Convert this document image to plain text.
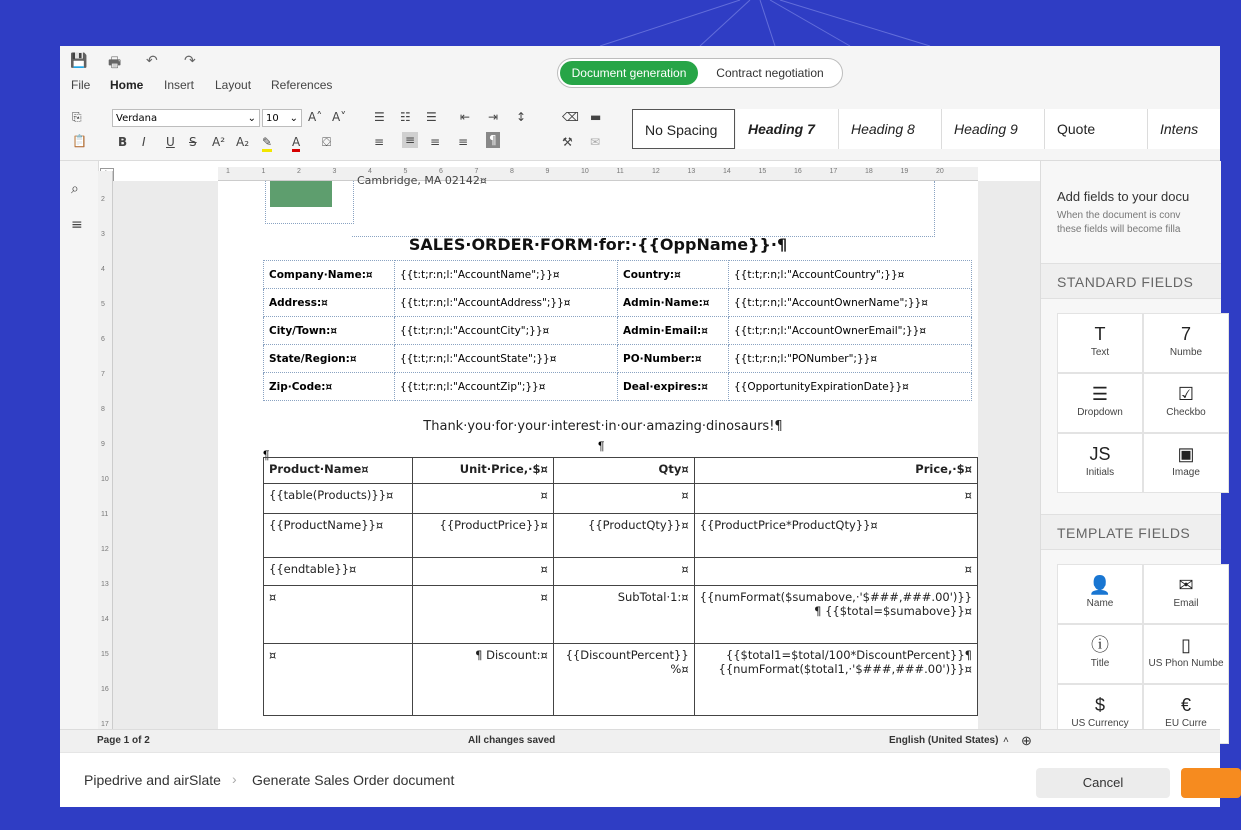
💾 🖶 ↶ ↷
File Home Insert Layout References
Document generation	Contract negotiation
⎘
📋
Verdana	⌄	10 ⌄ A˄ A˅
B I U S A² A₂ ✎ A ⛋
☰ ☷ ☰ ⇤ ⇥ ↕
≡ ≡ ≡ ≡ ¶
⌫ ▬
⚒ ✉
No Spacing	Heading 7	Heading 8	Heading 9	Quote	Intens
⌕
≡
2
3
4
5
6
7
8
9
10
11
12
13
14
15
16
17
1	1	2	3	4	5	6	7	8	9	10	11	12	13	14	15	16	17	18	19	20
Cambridge, MA 02142¤
SALES·ORDER·FORM·for:·{{OppName}}·¶
Company·Name:¤	{{t:t;r:n;l:"AccountName";}}¤	Country:¤	{{t:t;r:n;l:"AccountCountry";}}¤
Address:¤	{{t:t;r:n;l:"AccountAddress";}}¤	Admin·Name:¤	{{t:t;r:n;l:"AccountOwnerName";}}¤
City/Town:¤	{{t:t;r:n;l:"AccountCity";}}¤	Admin·Email:¤	{{t:t;r:n;l:"AccountOwnerEmail";}}¤
State/Region:¤	{{t:t;r:n;l:"AccountState";}}¤	PO·Number:¤	{{t:t;r:n;l:"PONumber";}}¤
Zip·Code:¤	{{t:t;r:n;l:"AccountZip";}}¤	Deal·expires:¤	{{OpportunityExpirationDate}}¤
¶
Thank·you·for·your·interest·in·our·amazing·dinosaurs!¶
¶
Product·Name¤	Unit·Price,·$¤	Qty¤	Price,·$¤
{{table(Products)}}¤	¤	¤	¤
{{ProductName}}¤	{{ProductPrice}}¤	{{ProductQty}}¤	{{ProductPrice*ProductQty}}¤
{{endtable}}¤	¤	¤	¤
¤	¤	SubTotal·1:¤	{{numFormat($sumabove,·'$###,###.00')}}¶ {{$total=$sumabove}}¤
¤	¶ Discount:¤	{{DiscountPercent}} %¤	{{$total1=$total/100*DiscountPercent}}¶ {{numFormat($total1,·'$###,###.00')}}¤
Add fields to your docu
When the document is conv
these fields will become filla
STANDARD FIELDS
T
Text
7
Numbe
☰
Dropdown
☑
Checkbo
JS
Initials
▣
Image
TEMPLATE FIELDS
👤
Name
✉
Email
ⓘ
Title
▯
US Phon Numbe
$
US Currency
€
EU Curre
Page 1 of 2	All changes saved	English (United States) ˄ ⊕
Pipedrive and airSlate › Generate Sales Order document	Cancel
